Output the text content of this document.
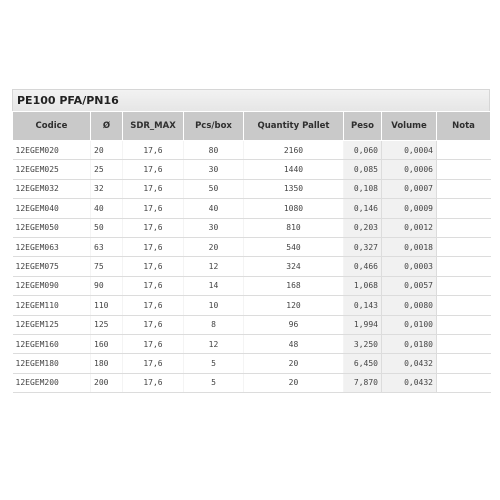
PE100 PFA/PN16
Codice	Ø	SDR_MAX	Pcs/box	Quantity Pallet	Peso	Volume	Nota
12EGEM020	20	17,6	80	2160	0,060	0,0004	
12EGEM025	25	17,6	30	1440	0,085	0,0006	
12EGEM032	32	17,6	50	1350	0,108	0,0007	
12EGEM040	40	17,6	40	1080	0,146	0,0009	
12EGEM050	50	17,6	30	810	0,203	0,0012	
12EGEM063	63	17,6	20	540	0,327	0,0018	
12EGEM075	75	17,6	12	324	0,466	0,0003	
12EGEM090	90	17,6	14	168	1,068	0,0057	
12EGEM110	110	17,6	10	120	0,143	0,0080	
12EGEM125	125	17,6	8	96	1,994	0,0100	
12EGEM160	160	17,6	12	48	3,250	0,0180	
12EGEM180	180	17,6	5	20	6,450	0,0432	
12EGEM200	200	17,6	5	20	7,870	0,0432	
